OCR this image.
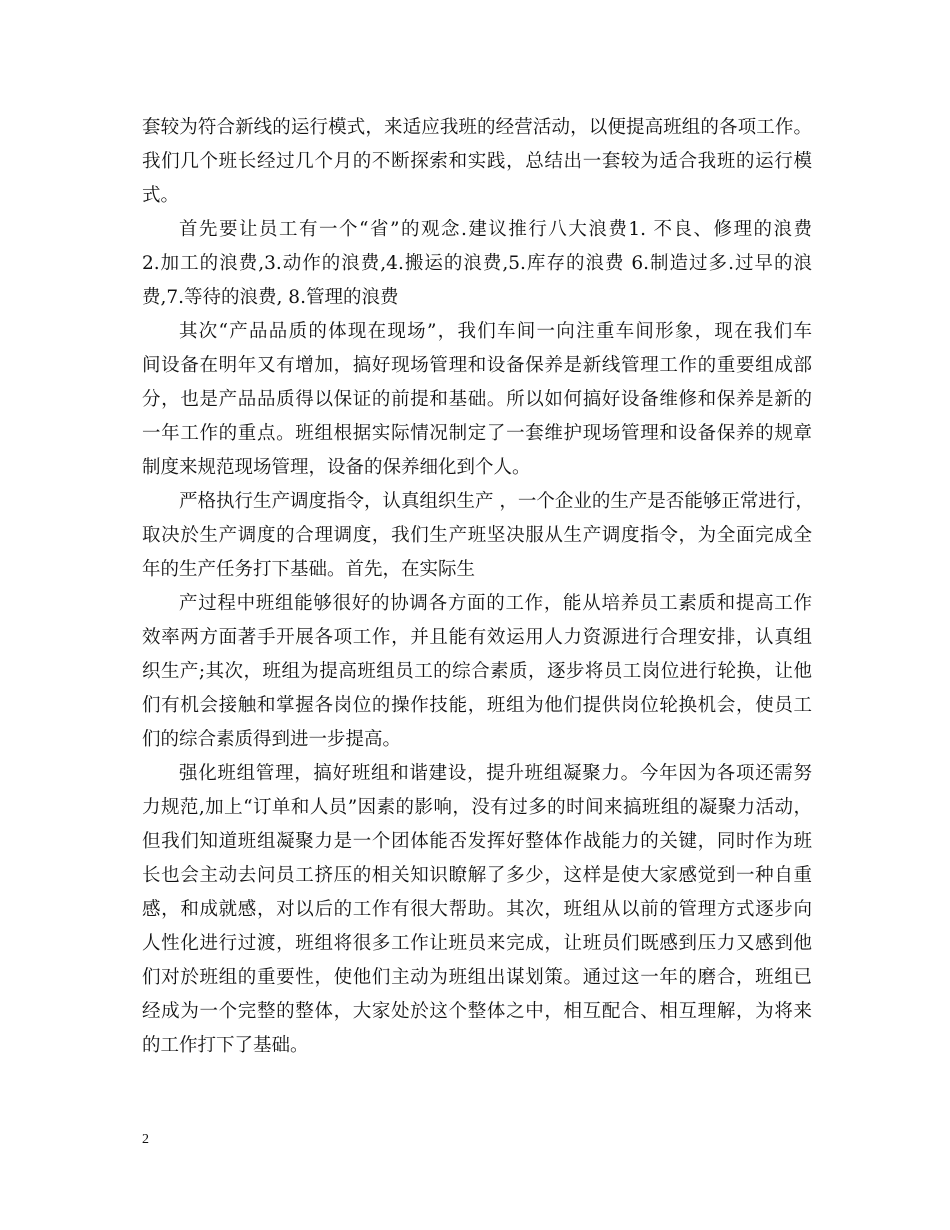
套较为符合新线的运行模式，来适应我班的经营活动，以便提高班组的各项工作。
我们几个班长经过几个月的不断探索和实践，总结出一套较为适合我班的运行模
式。
首先要让员工有一个“省”的观念.建议推行八大浪费1. 不良、修理的浪费
2.加工的浪费,3.动作的浪费,4.搬运的浪费,5.库存的浪费 6.制造过多.过早的浪
费,7.等待的浪费, 8.管理的浪费
其次“产品品质的体现在现场”，我们车间一向注重车间形象，现在我们车
间设备在明年又有增加，搞好现场管理和设备保养是新线管理工作的重要组成部
分，也是产品品质得以保证的前提和基础。所以如何搞好设备维修和保养是新的
一年工作的重点。班组根据实际情况制定了一套维护现场管理和设备保养的规章
制度来规范现场管理，设备的保养细化到个人。
严格执行生产调度指令，认真组织生产 ，一个企业的生产是否能够正常进行，
取决於生产调度的合理调度，我们生产班坚决服从生产调度指令，为全面完成全
年的生产任务打下基础。首先，在实际生
产过程中班组能够很好的协调各方面的工作，能从培养员工素质和提高工作
效率两方面著手开展各项工作，并且能有效运用人力资源进行合理安排，认真组
织生产;其次，班组为提高班组员工的综合素质，逐步将员工岗位进行轮换，让他
们有机会接触和掌握各岗位的操作技能，班组为他们提供岗位轮换机会，使员工
们的综合素质得到进一步提高。
强化班组管理，搞好班组和谐建设，提升班组凝聚力。今年因为各项还需努
力规范,加上“订单和人员”因素的影响，没有过多的时间来搞班组的凝聚力活动，
但我们知道班组凝聚力是一个团体能否发挥好整体作战能力的关键，同时作为班
长也会主动去问员工挤压的相关知识瞭解了多少，这样是使大家感觉到一种自重
感，和成就感，对以后的工作有很大帮助。其次，班组从以前的管理方式逐步向
人性化进行过渡，班组将很多工作让班员来完成，让班员们既感到压力又感到他
们对於班组的重要性，使他们主动为班组出谋划策。通过这一年的磨合，班组已
经成为一个完整的整体，大家处於这个整体之中，相互配合、相互理解，为将来
的工作打下了基础。
2
